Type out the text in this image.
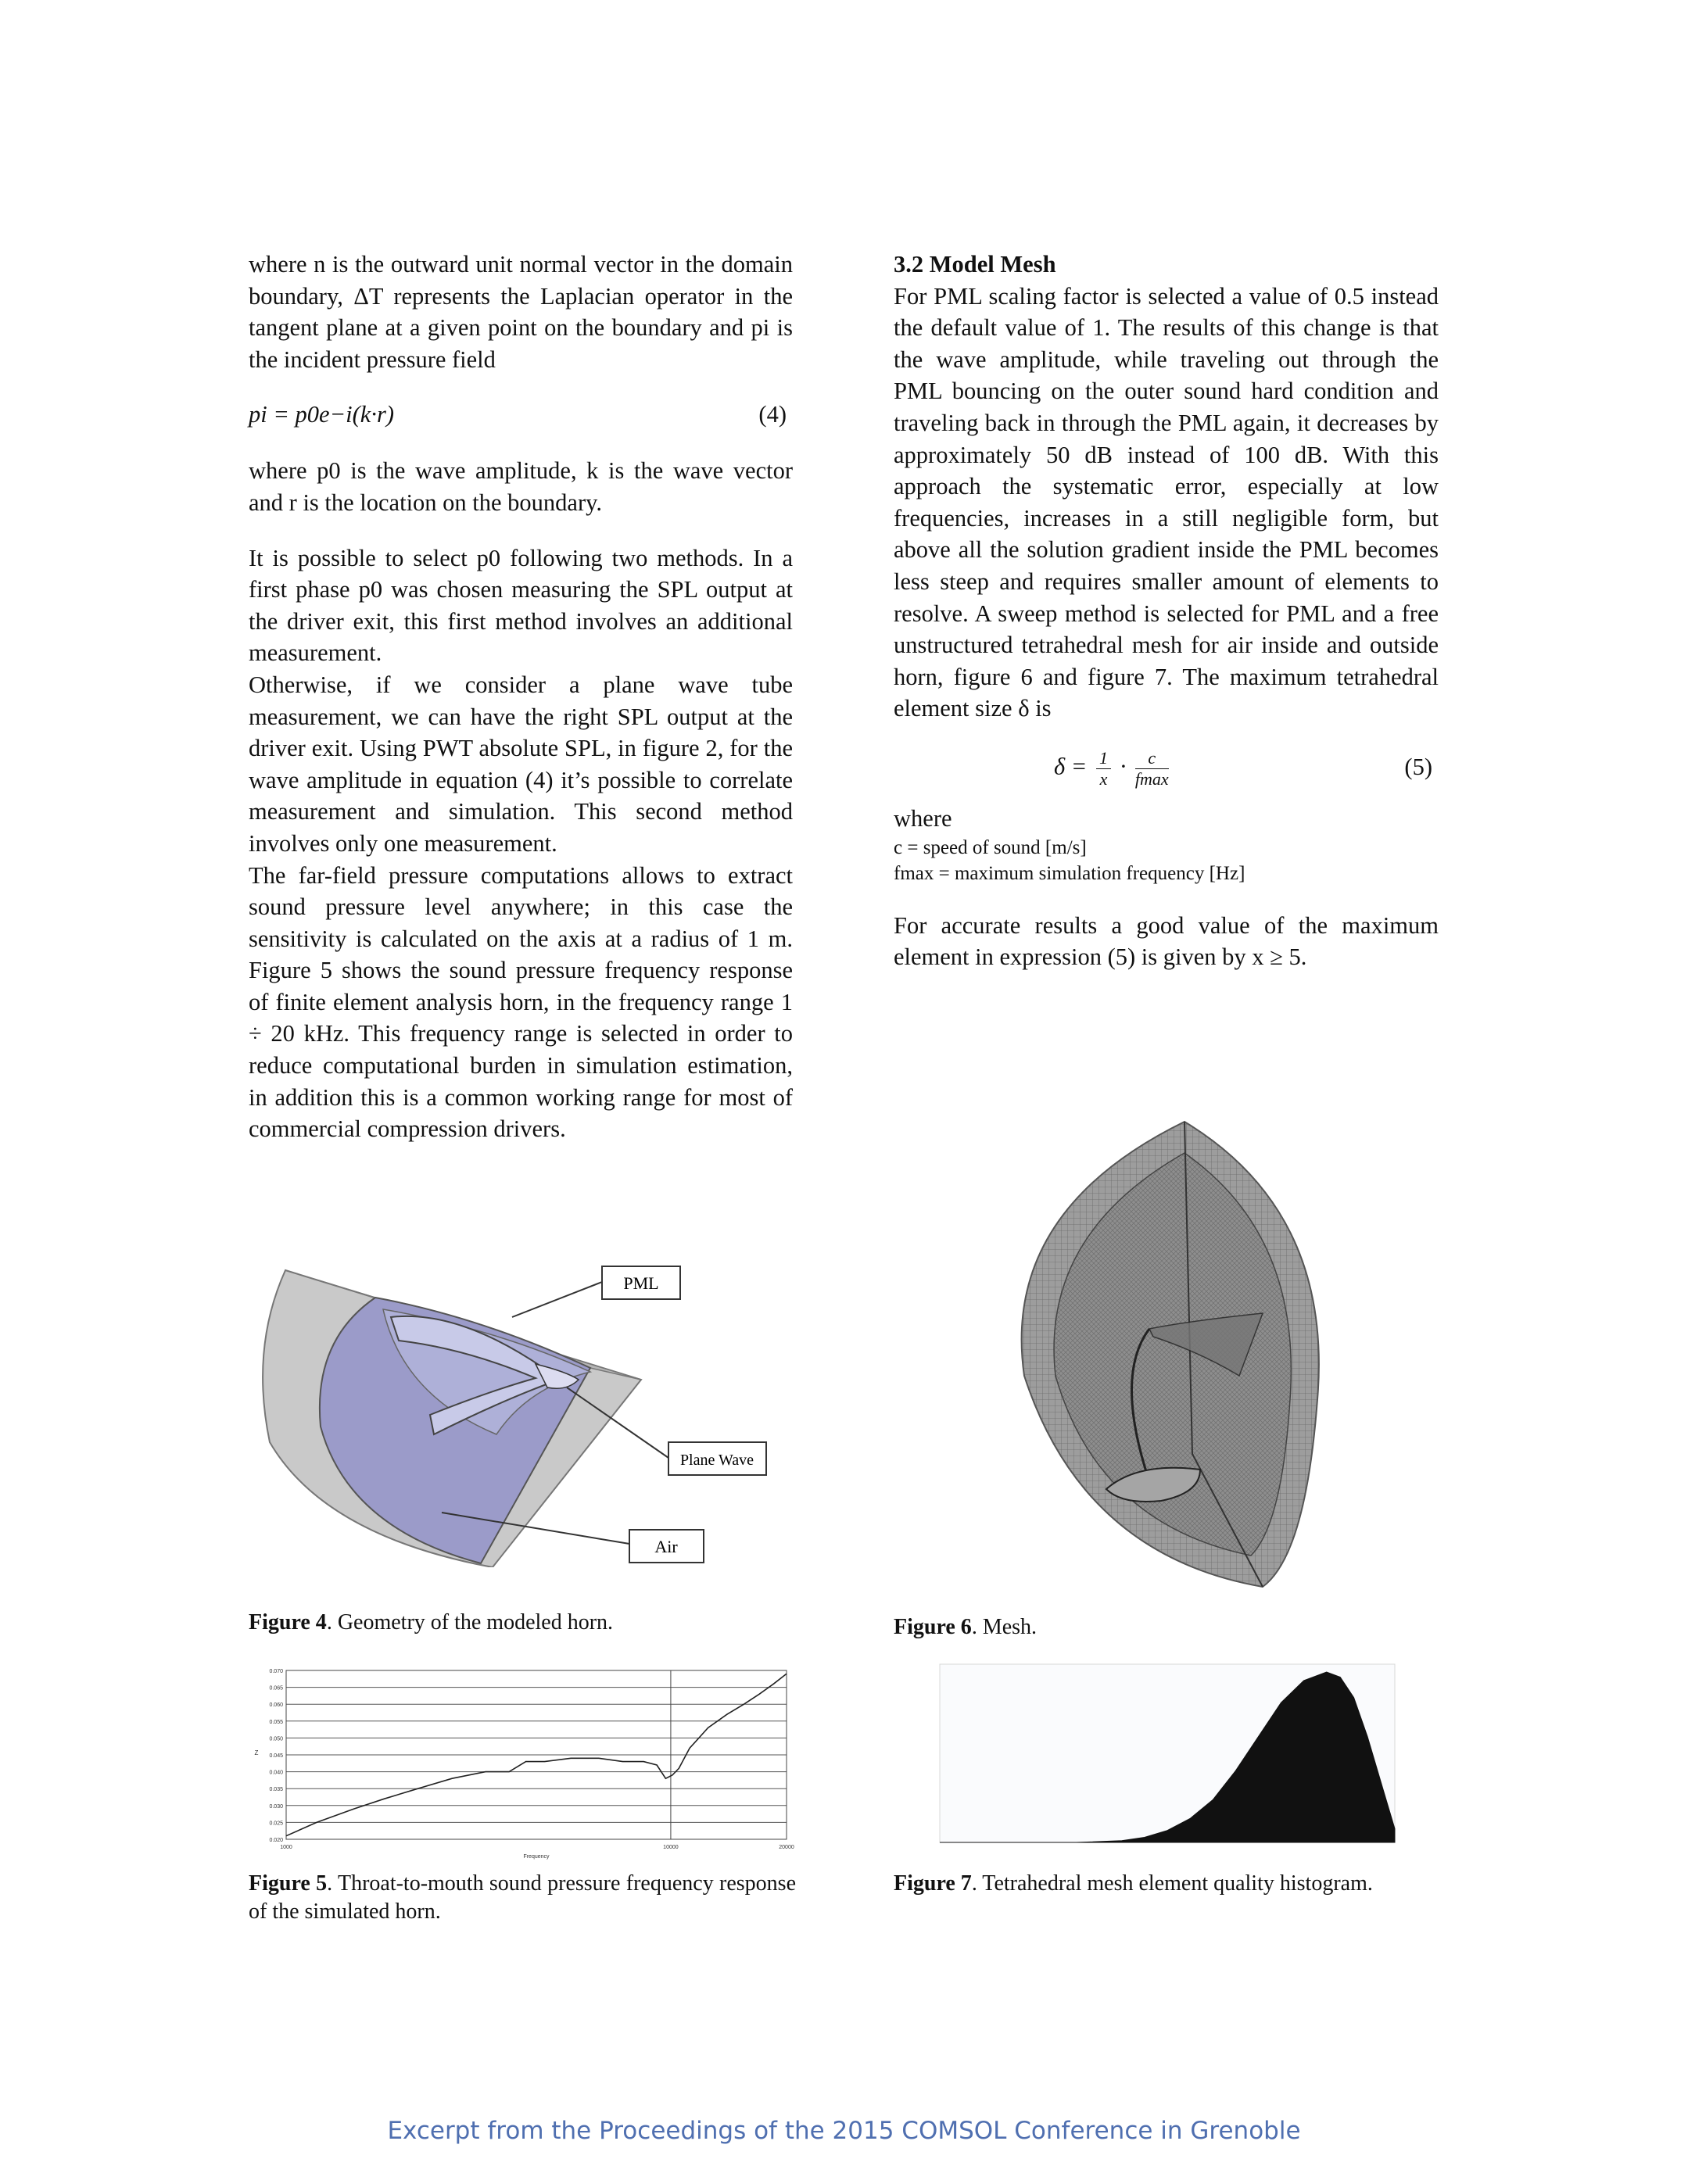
where n is the outward unit normal vector in the domain boundary, ΔT represents the Laplacian operator in the tangent plane at a given point on the boundary and pi is the incident pressure field

pi = p0e−i(k·r)	(4)

where p0 is the wave amplitude, k is the wave vector and r is the location on the boundary.

It is possible to select p0 following two methods. In a first phase p0 was chosen measuring the SPL output at the driver exit, this first method involves an additional measurement.

Otherwise, if we consider a plane wave tube measurement, we can have the right SPL output at the driver exit. Using PWT absolute SPL, in figure 2, for the wave amplitude in equation (4) it’s possible to correlate measurement and simulation. This second method involves only one measurement.

The far-field pressure computations allows to extract sound pressure level anywhere; in this case the sensitivity is calculated on the axis at a radius of 1 m. Figure 5 shows the sound pressure frequency response of finite element analysis horn, in the frequency range 1 ÷ 20 kHz. This frequency range is selected in order to reduce computational burden in simulation estimation, in addition this is a common working range for most of commercial compression drivers.

3.2 Model Mesh

For PML scaling factor is selected a value of 0.5 instead the default value of 1. The results of this change is that the wave amplitude, while traveling out through the PML bouncing on the outer sound hard condition and traveling back in through the PML again, it decreases by approximately 50 dB instead of 100 dB. With this approach the systematic error, especially at low frequencies, increases in a still negligible form, but above all the solution gradient inside the PML becomes less steep and requires smaller amount of elements to resolve. A sweep method is selected for PML and a free unstructured tetrahedral mesh for air inside and outside horn, figure 6 and figure 7. The maximum tetrahedral element size δ is

$\delta = \frac{1}{x} \cdot \frac{c}{fmax}$	(5)

where

c = speed of sound [m/s]

fmax = maximum simulation frequency [Hz]

For accurate results a good value of the maximum element in expression (5) is given by x ≥ 5.

PML
Plane Wave
Air
Figure 4. Geometry of the modeled horn.
0.020
0.025
0.030
0.035
0.040
0.045
0.050
0.055
0.060
0.065
0.070
1000	10000	20000
Frequency
Z
Figure 5. Throat-to-mouth sound pressure frequency response of the simulated horn.
Figure 6. Mesh.
Figure 7. Tetrahedral mesh element quality histogram.
Excerpt from the Proceedings of the 2015 COMSOL Conference in Grenoble
